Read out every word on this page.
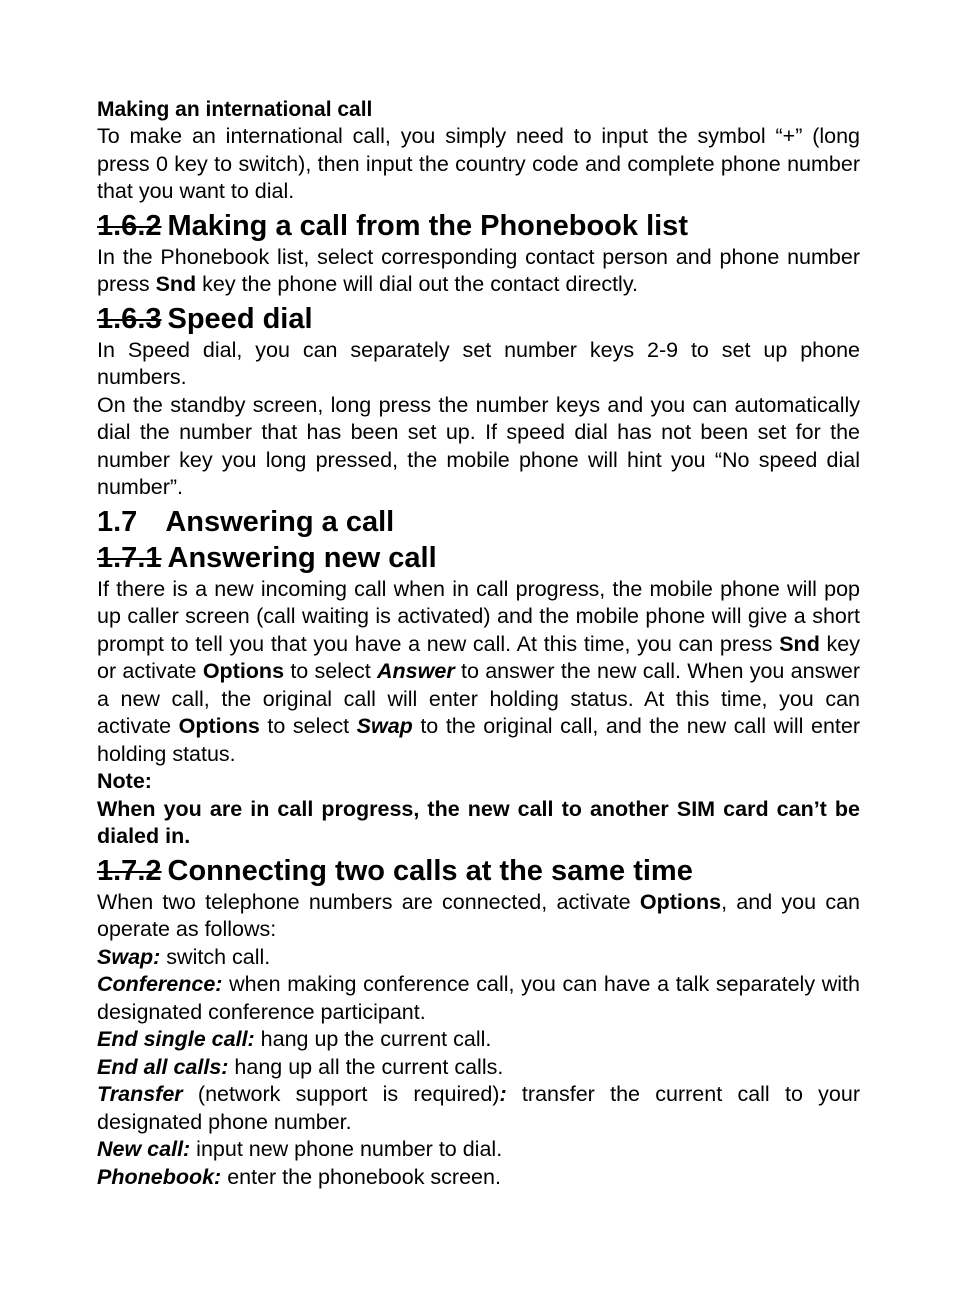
Making an international call

To make an international call, you simply need to input the symbol “+” (long press 0 key to switch), then input the country code and complete phone number that you want to dial.

1.6.2 Making a call from the Phonebook list

In the Phonebook list, select corresponding contact person and phone number press Snd key the phone will dial out the contact directly.

1.6.3 Speed dial

In Speed dial, you can separately set number keys 2-9 to set up phone numbers.

On the standby screen, long press the number keys and you can automatically dial the number that has been set up. If speed dial has not been set for the number key you long pressed, the mobile phone will hint you “No speed dial number”.

1.7 Answering a call
1.7.1 Answering new call

If there is a new incoming call when in call progress, the mobile phone will pop up caller screen (call waiting is activated) and the mobile phone will give a short prompt to tell you that you have a new call. At this time, you can press Snd key or activate Options to select Answer to answer the new call. When you answer a new call, the original call will enter holding status. At this time, you can activate Options to select Swap to the original call, and the new call will enter holding status.

Note:

When you are in call progress, the new call to another SIM card can’t be dialed in.

1.7.2 Connecting two calls at the same time

When two telephone numbers are connected, activate Options, and you can operate as follows:

Swap: switch call.

Conference: when making conference call, you can have a talk separately with designated conference participant.

End single call: hang up the current call.

End all calls: hang up all the current calls.

Transfer (network support is required): transfer the current call to your designated phone number.

New call: input new phone number to dial.

Phonebook: enter the phonebook screen.
